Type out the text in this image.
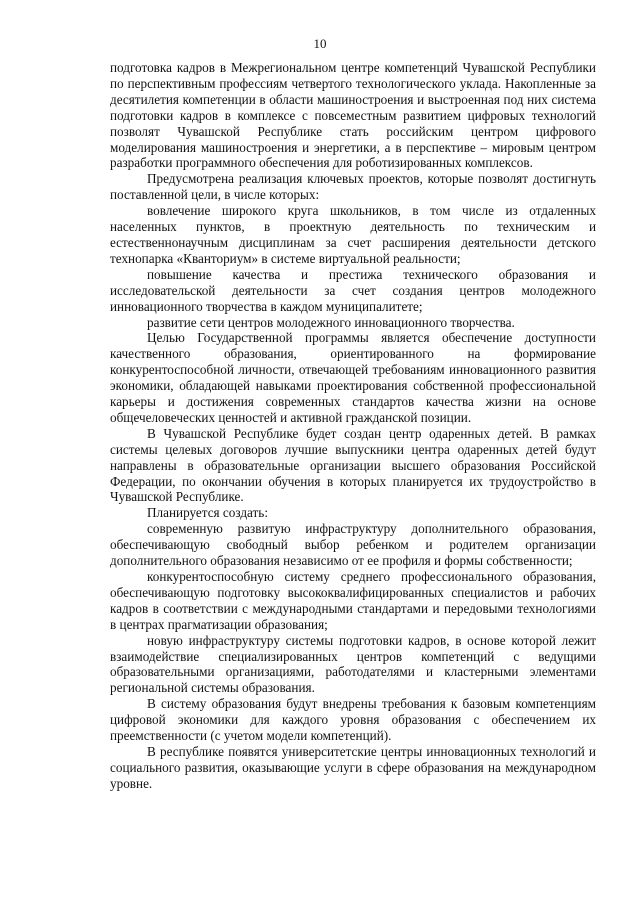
10

подготовка кадров в Межрегиональном центре компетенций Чувашской Республики по перспективным профессиям четвертого технологического уклада. Накопленные за десятилетия компетенции в области машиностроения и выстроенная под них система подготовки кадров в комплексе с повсеместным развитием цифровых технологий позволят Чувашской Республике стать российским центром цифрового моделирования машиностроения и энергетики, а в перспективе – мировым центром разработки программного обеспечения для роботизированных комплексов.

Предусмотрена реализация ключевых проектов, которые позволят достигнуть поставленной цели, в числе которых:

вовлечение широкого круга школьников, в том числе из отдаленных населенных пунктов, в проектную деятельность по техническим и естественнонаучным дисциплинам за счет расширения деятельности детского технопарка «Кванториум» в системе виртуальной реальности;

повышение качества и престижа технического образования и исследовательской деятельности за счет создания центров молодежного инновационного творчества в каждом муниципалитете;

развитие сети центров молодежного инновационного творчества.

Целью Государственной программы является обеспечение доступности качественного образования, ориентированного на формирование конкурентоспособной личности, отвечающей требованиям инновационного развития экономики, обладающей навыками проектирования собственной профессиональной карьеры и достижения современных стандартов качества жизни на основе общечеловеческих ценностей и активной гражданской позиции.

В Чувашской Республике будет создан центр одаренных детей. В рамках системы целевых договоров лучшие выпускники центра одаренных детей будут направлены в образовательные организации высшего образования Российской Федерации, по окончании обучения в которых планируется их трудоустройство в Чувашской Республике.

Планируется создать:

современную развитую инфраструктуру дополнительного образования, обеспечивающую свободный выбор ребенком и родителем организации дополнительного образования независимо от ее профиля и формы собственности;

конкурентоспособную систему среднего профессионального образования, обеспечивающую подготовку высококвалифицированных специалистов и рабочих кадров в соответствии с международными стандартами и передовыми технологиями в центрах прагматизации образования;

новую инфраструктуру системы подготовки кадров, в основе которой лежит взаимодействие специализированных центров компетенций с ведущими образовательными организациями, работодателями и кластерными элементами региональной системы образования.

В систему образования будут внедрены требования к базовым компетенциям цифровой экономики для каждого уровня образования с обеспечением их преемственности (с учетом модели компетенций).

В республике появятся университетские центры инновационных технологий и социального развития, оказывающие услуги в сфере образования на международном уровне.
